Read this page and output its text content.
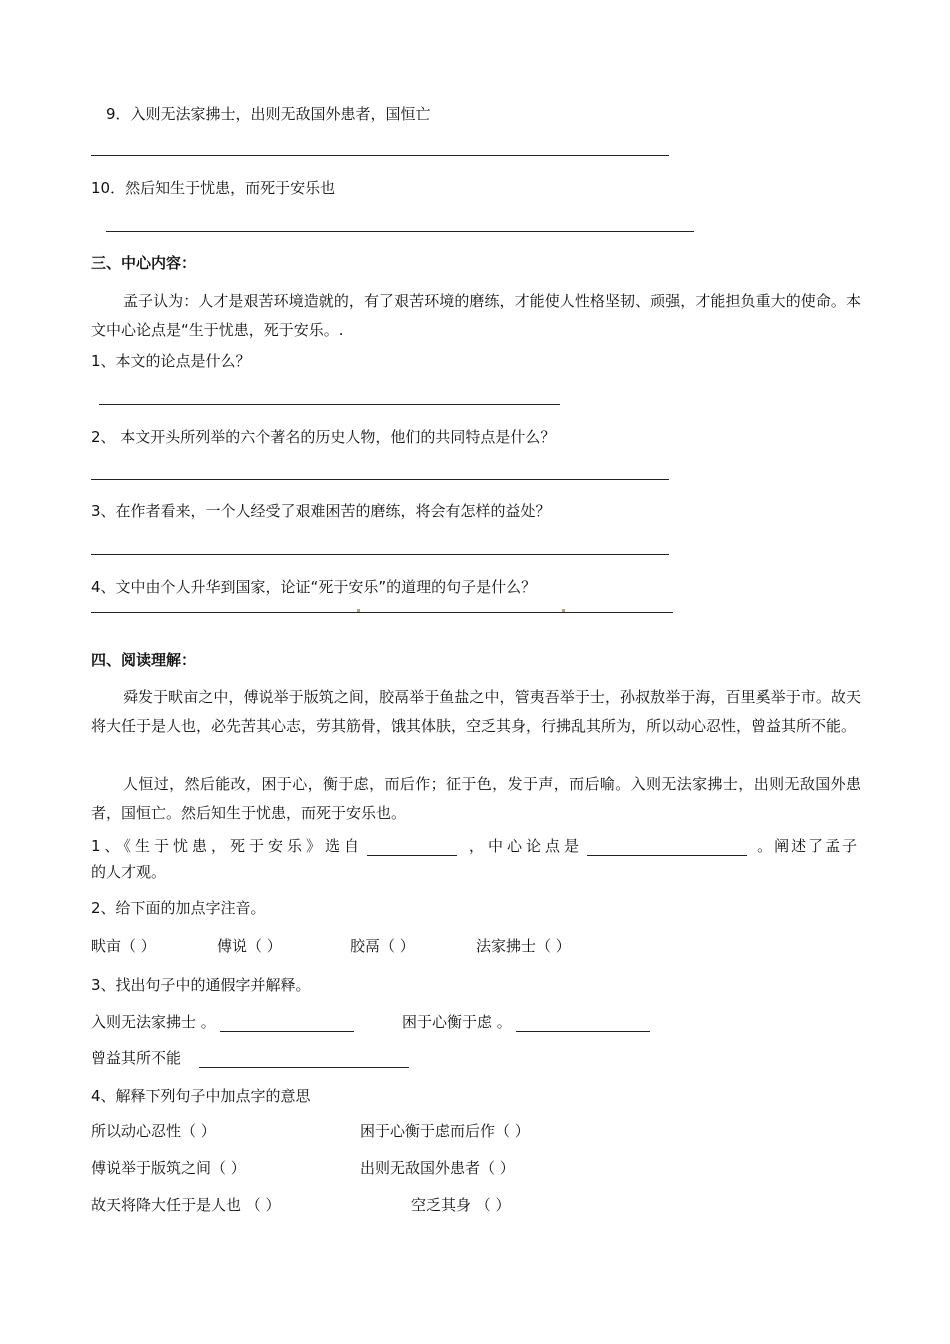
9．入则无法家拂士，出则无敌国外患者，国恒亡
10．然后知生于忧患，而死于安乐也
三、中心内容：
孟子认为：人才是艰苦环境造就的，有了艰苦环境的磨练，才能使人性格坚韧、顽强，才能担负重大的使命。本文中心论点是“生于忧患，死于安乐。.
1、本文的论点是什么？
2、 本文开头所列举的六个著名的历史人物，他们的共同特点是什么？
3、在作者看来，一个人经受了艰难困苦的磨练，将会有怎样的益处？
4、文中由个人升华到国家，论证“死于安乐”的道理的句子是什么？
四、阅读理解：
舜发于畎亩之中，傅说举于版筑之间，胶鬲举于鱼盐之中，管夷吾举于士，孙叔敖举于海，百里奚举于市。故天将大任于是人也，必先苦其心志，劳其筋骨，饿其体肤，空乏其身，行拂乱其所为，所以动心忍性，曾益其所不能。
人恒过，然后能改，困于心，衡于虑，而后作；征于色，发于声，而后喻。入则无法家拂士，出则无敌国外患者，国恒亡。然后知生于忧患，而死于安乐也。
1、《生于忧患，死于安乐》选自	，中心论点是	。阐述了孟子
的人才观。
2、给下面的加点字注音。
畎亩（ ）	傅说（ ）	胶鬲（ ）	法家拂士（ ）
3、找出句子中的通假字并解释。
入则无法家拂士 。	困于心衡于虑 。
曾益其所不能
4、解释下列句子中加点字的意思
所以动心忍性（ ）	困于心衡于虑而后作（ ）
傅说举于版筑之间（ ）	出则无敌国外患者（ ）
故天将降大任于是人也 （ ）	空乏其身 （ ）
